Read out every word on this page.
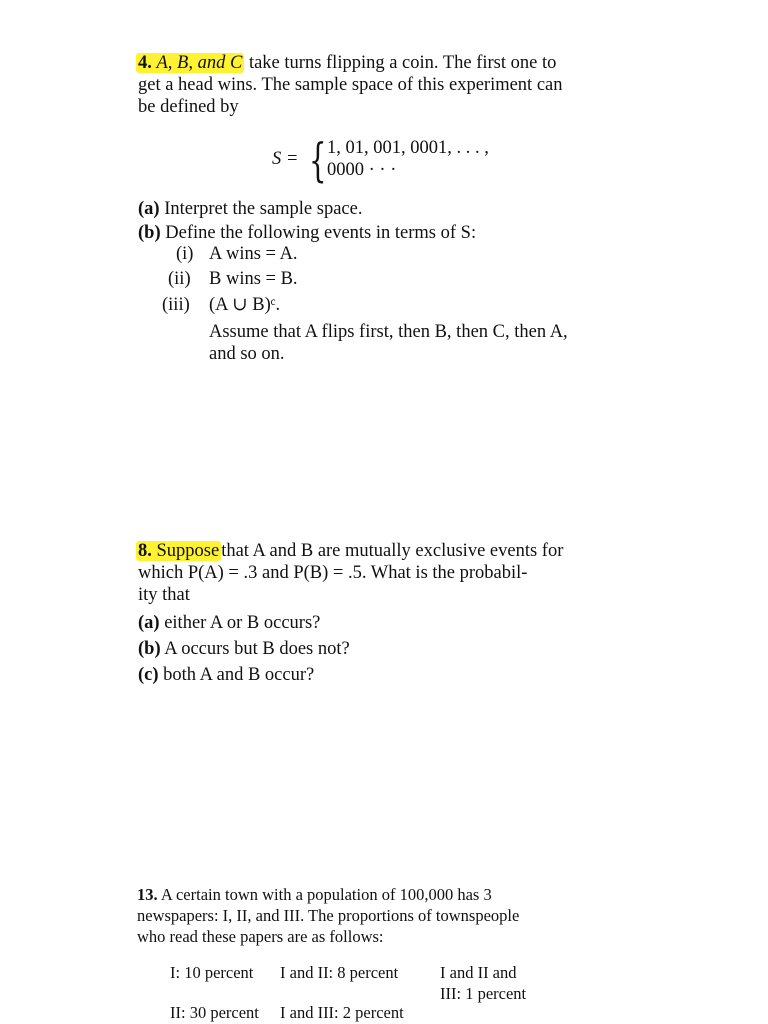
4. A, B, and C take turns flipping a coin. The first one to
get a head wins. The sample space of this experiment can
be defined by
S = { 1, 01, 001, 0001, . . . ,
0000 · · ·
(a) Interpret the sample space.
(b) Define the following events in terms of S:
(i) A wins = A.
(ii) B wins = B.
(iii) (A ∪ B)ᶜ.
Assume that A flips first, then B, then C, then A,
and so on.
8. Suppose that A and B are mutually exclusive events for
which P(A) = .3 and P(B) = .5. What is the probabil-
ity that
(a) either A or B occurs?
(b) A occurs but B does not?
(c) both A and B occur?
13. A certain town with a population of 100,000 has 3
newspapers: I, II, and III. The proportions of townspeople
who read these papers are as follows:
I: 10 percent I and II: 8 percent	I and II and
III: 1 percent
II: 30 percent I and III: 2 percent
